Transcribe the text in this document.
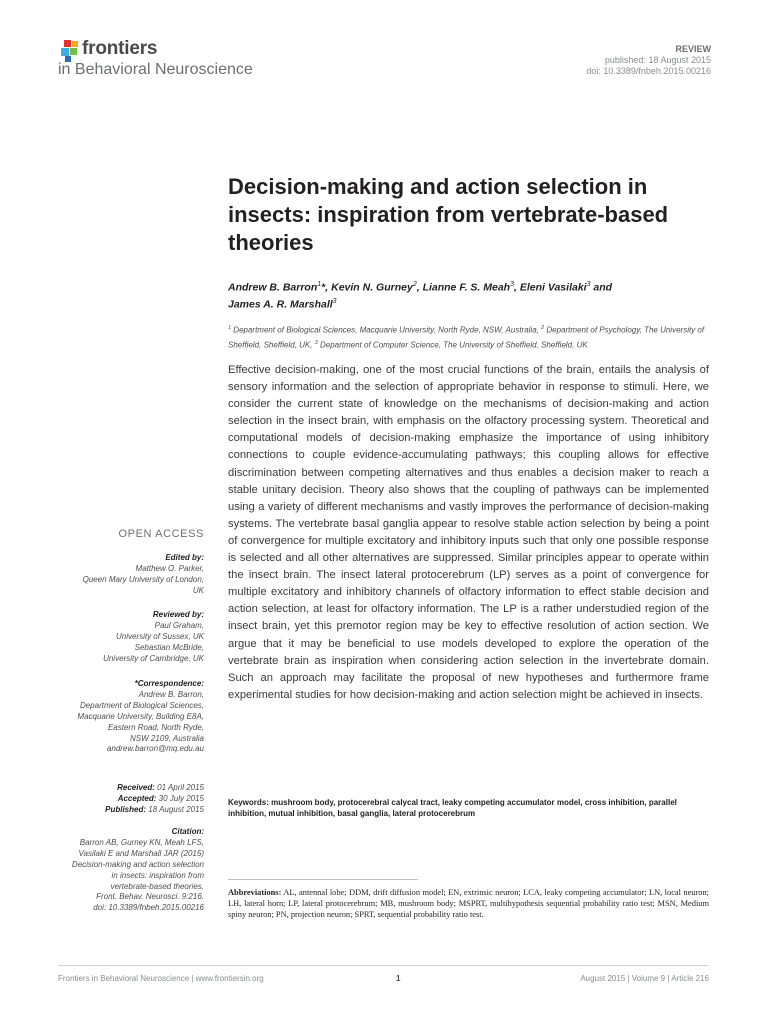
frontiers
in Behavioral Neuroscience
REVIEW
published: 18 August 2015
doi: 10.3389/fnbeh.2015.00216
Decision-making and action selection in insects: inspiration from vertebrate-based theories
Andrew B. Barron$^1$*, Kevin N. Gurney$^2$, Lianne F. S. Meah$^3$, Eleni Vasilaki$^3$ and
James A. R. Marshall$^3$
$^1$ Department of Biological Sciences, Macquarie University, North Ryde, NSW, Australia, $^2$ Department of Psychology, The University of Sheffield, Sheffield, UK, $^3$ Department of Computer Science, The University of Sheffield, Sheffield, UK
Effective decision-making, one of the most crucial functions of the brain, entails the analysis of sensory information and the selection of appropriate behavior in response to stimuli. Here, we consider the current state of knowledge on the mechanisms of decision-making and action selection in the insect brain, with emphasis on the olfactory processing system. Theoretical and computational models of decision-making emphasize the importance of using inhibitory connections to couple evidence-accumulating pathways; this coupling allows for effective discrimination between competing alternatives and thus enables a decision maker to reach a stable unitary decision. Theory also shows that the coupling of pathways can be implemented using a variety of different mechanisms and vastly improves the performance of decision-making systems. The vertebrate basal ganglia appear to resolve stable action selection by being a point of convergence for multiple excitatory and inhibitory inputs such that only one possible response is selected and all other alternatives are suppressed. Similar principles appear to operate within the insect brain. The insect lateral protocerebrum (LP) serves as a point of convergence for multiple excitatory and inhibitory channels of olfactory information to effect stable decision and action selection, at least for olfactory information. The LP is a rather understudied region of the insect brain, yet this premotor region may be key to effective resolution of action section. We argue that it may be beneficial to use models developed to explore the operation of the vertebrate brain as inspiration when considering action selection in the invertebrate domain. Such an approach may facilitate the proposal of new hypotheses and furthermore frame experimental studies for how decision-making and action selection might be achieved in insects.
Keywords: mushroom body, protocerebral calycal tract, leaky competing accumulator model, cross inhibition, parallel inhibition, mutual inhibition, basal ganglia, lateral protocerebrum
Abbreviations: AL, antennal lobe; DDM, drift diffusion model; EN, extrinsic neuron; LCA, leaky competing accumulator; LN, local neuron; LH, lateral horn; LP, lateral protocerebrum; MB, mushroom body; MSPRT, multihypothesis sequential probability ratio test; MSN, Medium spiny neuron; PN, projection neuron; SPRT, sequential probability ratio test.
OPEN ACCESS
Edited by:
Matthew O. Parker,
Queen Mary University of London,
UK
Reviewed by:
Paul Graham,
University of Sussex, UK
Sebastian McBride,
University of Cambridge, UK
*Correspondence:
Andrew B. Barron,
Department of Biological Sciences,
Macquarie University, Building E8A,
Eastern Road, North Ryde,
NSW 2109, Australia
andrew.barron@mq.edu.au
Received: 01 April 2015
Accepted: 30 July 2015
Published: 18 August 2015
Citation:
Barron AB, Gurney KN, Meah LFS,
Vasilaki E and Marshall JAR (2015)
Decision-making and action selection
in insects: inspiration from
vertebrate-based theories.
Front. Behav. Neurosci. 9:216.
doi: 10.3389/fnbeh.2015.00216
Frontiers in Behavioral Neuroscience | www.frontiersin.org	1	August 2015 | Volume 9 | Article 216
